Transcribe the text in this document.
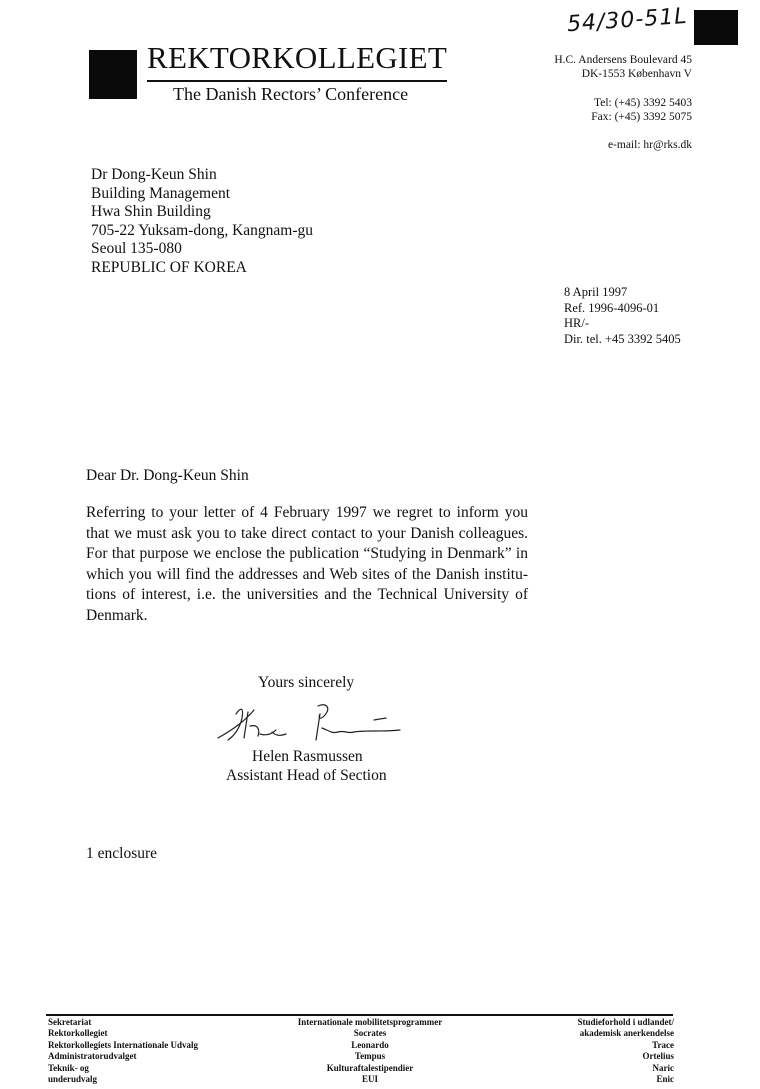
REKTORKOLLEGIET
The Danish Rectors’ Conference
54/30-51L
H.C. Andersens Boulevard 45
DK-1553 København V
Tel: (+45) 3392 5403
Fax: (+45) 3392 5075
e-mail: hr@rks.dk
Dr Dong-Keun Shin
Building Management
Hwa Shin Building
705-22 Yuksam-dong, Kangnam-gu
Seoul 135-080
REPUBLIC OF KOREA
8 April 1997
Ref. 1996-4096-01
HR/-
Dir. tel. +45 3392 5405
Dear Dr. Dong-Keun Shin
Referring to your letter of 4 February 1997 we regret to inform you that we must ask you to take direct contact to your Danish colleagues. For that purpose we enclose the publication “Studying in Denmark” in which you will find the addresses and Web sites of the Danish institutions of interest, i.e. the universities and the Technical University of Denmark.
Yours sincerely
Helen Rasmussen
Assistant Head of Section
1 enclosure
Sekretariat
Rektorkollegiet
Rektorkollegiets Internationale Udvalg
Administratorudvalget
Teknik- og
underudvalg
Internationale mobilitetsprogrammer
Socrates
Leonardo
Tempus
Kulturaftalestipendier
EUI
Studieforhold i udlandet/
akademisk anerkendelse
Trace
Ortelius
Naric
Enic
